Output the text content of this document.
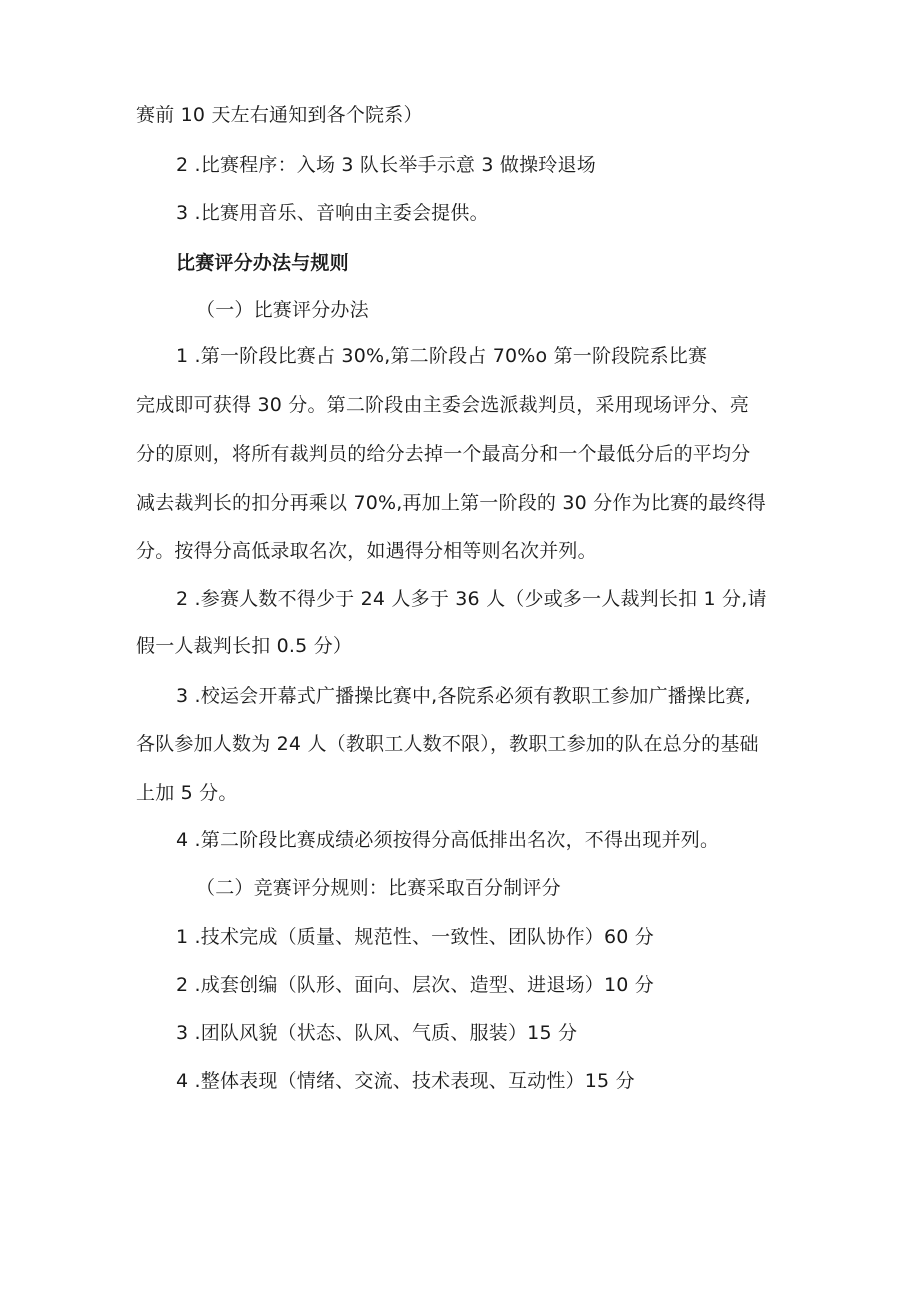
赛前 10 天左右通知到各个院系）
2 .比赛程序：入场 3 队长举手示意 3 做操玲退场
3 .比赛用音乐、音响由主委会提供。
比赛评分办法与规则
（一）比赛评分办法
1 .第一阶段比赛占 30%,第二阶段占 70%o 第一阶段院系比赛
完成即可获得 30 分。第二阶段由主委会选派裁判员，采用现场评分、亮
分的原则，将所有裁判员的给分去掉一个最高分和一个最低分后的平均分
减去裁判长的扣分再乘以 70%,再加上第一阶段的 30 分作为比赛的最终得
分。按得分高低录取名次，如遇得分相等则名次并列。
2 .参赛人数不得少于 24 人多于 36 人（少或多一人裁判长扣 1 分,请
假一人裁判长扣 0.5 分）
3 .校运会开幕式广播操比赛中,各院系必须有教职工参加广播操比赛,
各队参加人数为 24 人（教职工人数不限），教职工参加的队在总分的基础
上加 5 分。
4 .第二阶段比赛成绩必须按得分高低排出名次，不得出现并列。
（二）竞赛评分规则：比赛采取百分制评分
1 .技术完成（质量、规范性、一致性、团队协作）60 分
2 .成套创编（队形、面向、层次、造型、进退场）10 分
3 .团队风貌（状态、队风、气质、服装）15 分
4 .整体表现（情绪、交流、技术表现、互动性）15 分
